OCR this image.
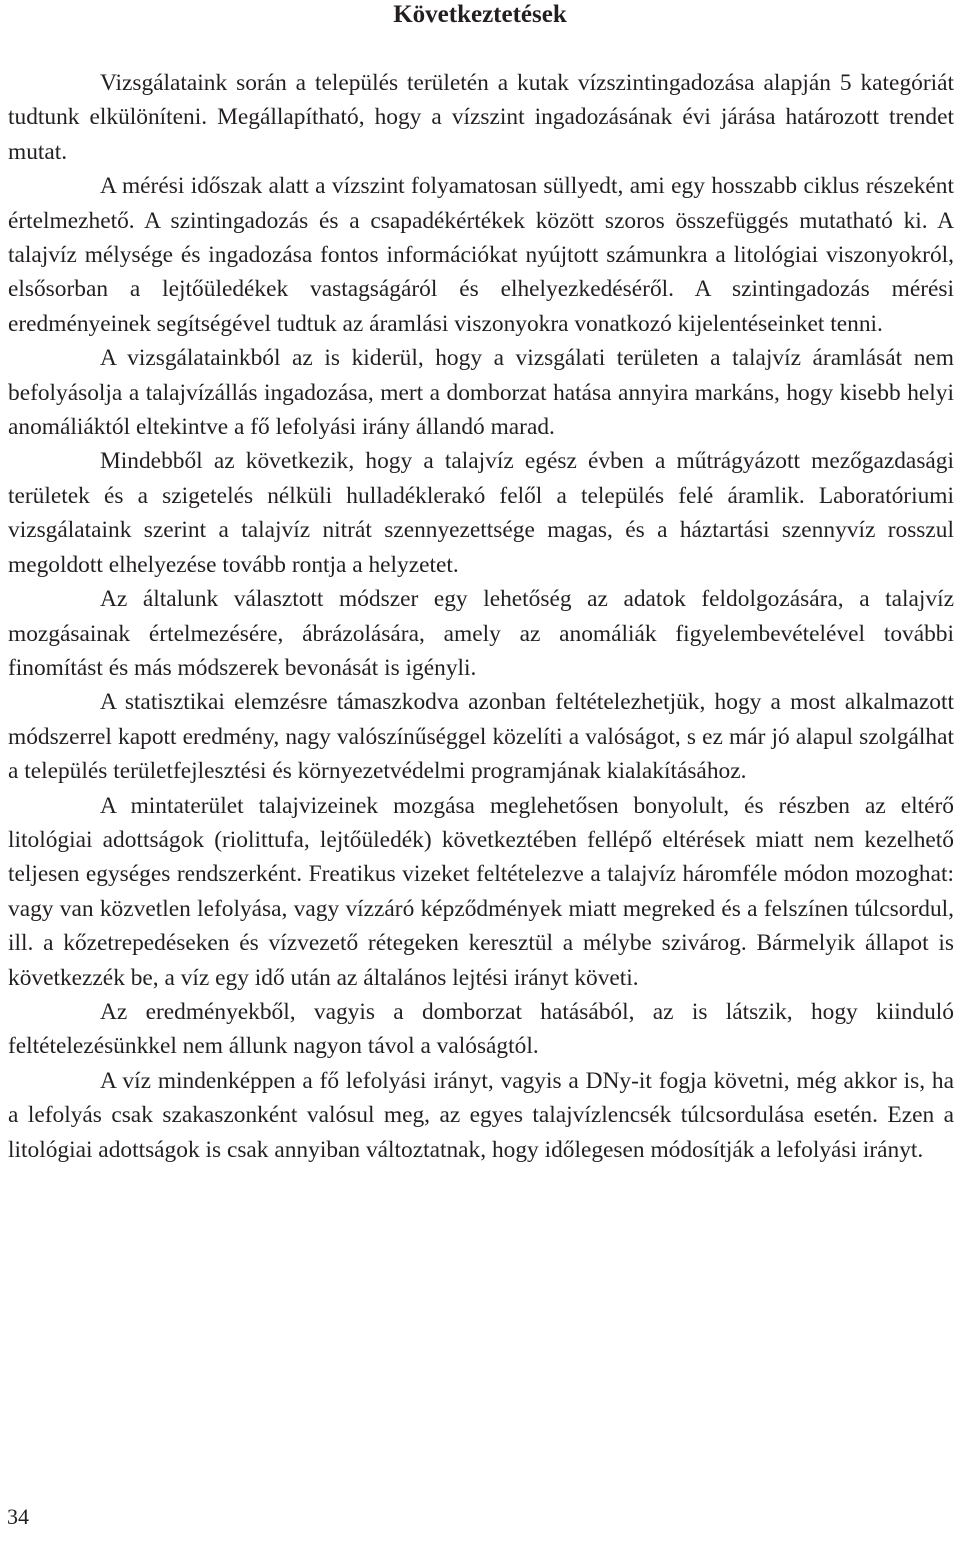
Következtetések

Vizsgálataink során a település területén a kutak vízszintingadozása alapján 5 kategóriát tudtunk elkülöníteni. Megállapítható, hogy a vízszint ingadozásának évi járása határozott trendet mutat.

A mérési időszak alatt a vízszint folyamatosan süllyedt, ami egy hosszabb ciklus részeként értelmezhető. A szintingadozás és a csapadékértékek között szoros összefüggés mutatható ki. A talajvíz mélysége és ingadozása fontos információkat nyújtott számunkra a litológiai viszonyokról, elsősorban a lejtőüledékek vastagságáról és elhelyezkedéséről. A szintingadozás mérési eredményeinek segítségével tudtuk az áramlási viszonyokra vonatkozó kijelentéseinket tenni.

A vizsgálatainkból az is kiderül, hogy a vizsgálati területen a talajvíz áramlását nem befolyásolja a talajvízállás ingadozása, mert a domborzat hatása annyira markáns, hogy kisebb helyi anomáliáktól eltekintve a fő lefolyási irány állandó marad.

Mindebből az következik, hogy a talajvíz egész évben a műtrágyázott mezőgazdasági területek és a szigetelés nélküli hulladéklerakó felől a település felé áramlik. Laboratóriumi vizsgálataink szerint a talajvíz nitrát szennyezettsége magas, és a háztartási szennyvíz rosszul megoldott elhelyezése tovább rontja a helyzetet.

Az általunk választott módszer egy lehetőség az adatok feldolgozására, a talajvíz mozgásainak értelmezésére, ábrázolására, amely az anomáliák figyelembevételével további finomítást és más módszerek bevonását is igényli.

A statisztikai elemzésre támaszkodva azonban feltételezhetjük, hogy a most alkalmazott módszerrel kapott eredmény, nagy valószínűséggel közelíti a valóságot, s ez már jó alapul szolgálhat a település területfejlesztési és környezetvédelmi programjának kialakításához.

A mintaterület talajvizeinek mozgása meglehetősen bonyolult, és részben az eltérő litológiai adottságok (riolittufa, lejtőüledék) következtében fellépő eltérések miatt nem kezelhető teljesen egységes rendszerként. Freatikus vizeket feltételezve a talajvíz háromféle módon mozoghat: vagy van közvetlen lefolyása, vagy vízzáró képződmények miatt megreked és a felszínen túlcsordul, ill. a kőzetrepedéseken és vízvezető rétegeken keresztül a mélybe szivárog. Bármelyik állapot is következzék be, a víz egy idő után az általános lejtési irányt követi.

Az eredményekből, vagyis a domborzat hatásából, az is látszik, hogy kiinduló feltételezésünkkel nem állunk nagyon távol a valóságtól.

A víz mindenképpen a fő lefolyási irányt, vagyis a DNy-it fogja követni, még akkor is, ha a lefolyás csak szakaszonként valósul meg, az egyes talajvízlencsék túlcsordulása esetén. Ezen a litológiai adottságok is csak annyiban változtatnak, hogy időlegesen módosítják a lefolyási irányt.

34
